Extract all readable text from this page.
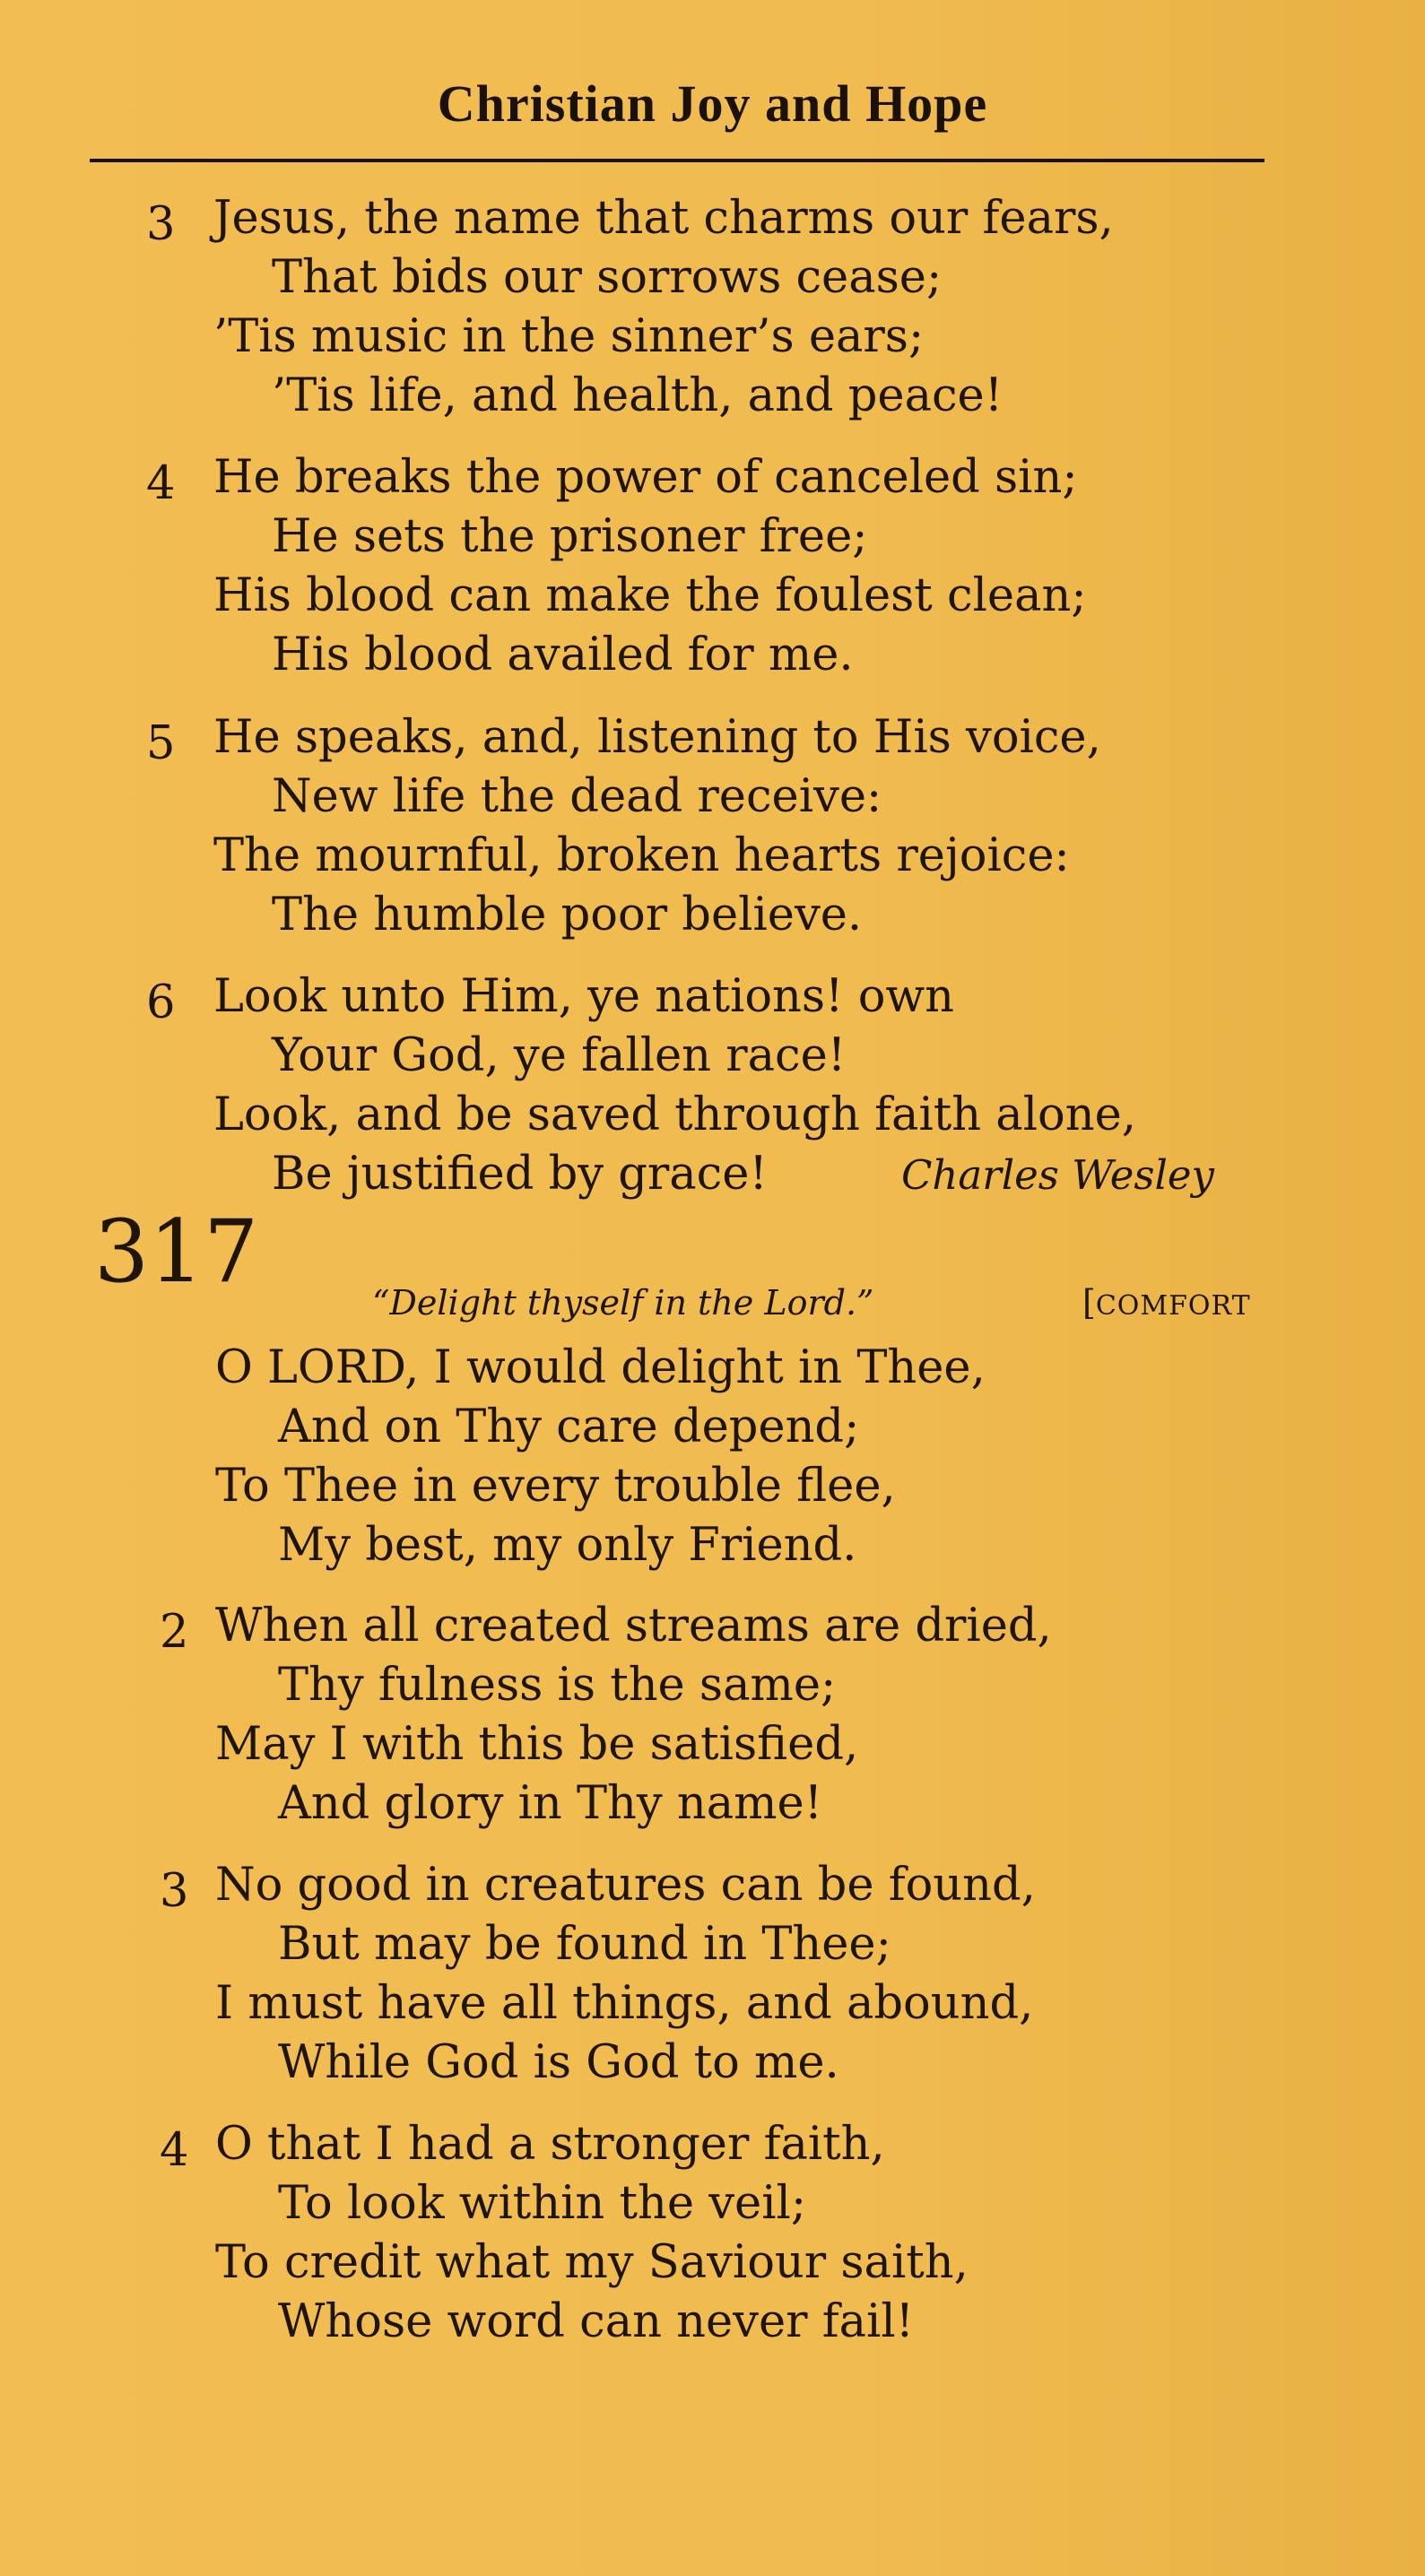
Christian Joy and Hope
3 Jesus, the name that charms our fears,
That bids our sorrows cease;
’Tis music in the sinner’s ears;
’Tis life, and health, and peace!
4 He breaks the power of canceled sin;
He sets the prisoner free;
His blood can make the foulest clean;
His blood availed for me.
5 He speaks, and, listening to His voice,
New life the dead receive:
The mournful, broken hearts rejoice:
The humble poor believe.
6 Look unto Him, ye nations! own
Your God, ye fallen race!
Look, and be saved through faith alone,
Be justified by grace!	Charles Wesley
317
“Delight thyself in the Lord.”	[COMFORT
O LORD, I would delight in Thee,
And on Thy care depend;
To Thee in every trouble flee,
My best, my only Friend.
2 When all created streams are dried,
Thy fulness is the same;
May I with this be satisfied,
And glory in Thy name!
3 No good in creatures can be found,
But may be found in Thee;
I must have all things, and abound,
While God is God to me.
4 O that I had a stronger faith,
To look within the veil;
To credit what my Saviour saith,
Whose word can never fail!
